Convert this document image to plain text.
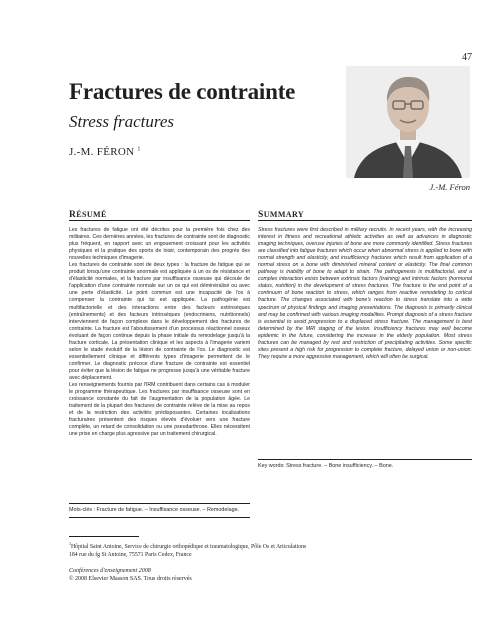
47
Fractures de contrainte
Stress fractures
J.-M. FÉRON $^1$
J.-M. Féron
RÉSUMÉ	SUMMARY

Les fractures de fatigue ont été décrites pour la première fois chez des militaires. Ces dernières années, les fractures de contrainte sont de diagnostic plus fréquent, en rapport avec un engouement croissant pour les activités physiques et la pratique des sports de loisir, contemporain des progrès des nouvelles techniques d'imagerie.

Les fractures de contrainte sont de deux types : la fracture de fatigue qui se produit lorsqu'une contrainte anormale est appliquée à un os de résistance et d'élasticité normales, et la fracture par insuffisance osseuse qui découle de l'application d'une contrainte normale sur un os qui est déminéralisé ou avec une perte d'élasticité. Le point commun est une incapacité de l'os à compenser la contrainte qui lui est appliquée. La pathogénie est multifactorielle et des interactions entre des facteurs extrinsèques (entraînements) et des facteurs intrinsèques (endocriniens, nutritionnels) interviennent de façon complexe dans le développement des fractures de contrainte. La fracture est l'aboutissement d'un processus réactionnel osseux évoluant de façon continue depuis la phase initiale du remodelage jusqu'à la fracture corticale. La présentation clinique et les aspects à l'imagerie varient selon le stade évolutif de la lésion de contrainte de l'os. Le diagnostic est essentiellement clinique et différents types d'imagerie permettent de le confirmer. Le diagnostic précoce d'une fracture de contrainte est essentiel pour éviter que la lésion de fatigue ne progresse jusqu'à une véritable fracture avec déplacement.

Les renseignements fournis par l'IRM contribuent dans certains cas à moduler le programme thérapeutique. Les fractures par insuffisance osseuse sont en croissance constante du fait de l'augmentation de la population âgée. Le traitement de la plupart des fractures de contrainte relève de la mise au repos et de la restriction des activités prédisposantes. Certaines localisations fracturaires présentent des risques élevés d'évoluer vers une fracture complète, un retard de consolidation ou une pseudarthrose. Elles nécessitent une prise en charge plus agressive par un traitement chirurgical.

Stress fractures were first described in military recruits. In recent years, with the increasing interest in fitness and recreational athletic activities as well as advances in diagnostic imaging techniques, overuse injuries of bone are more commonly identified. Stress fractures are classified into fatigue fractures which occur when abnormal stress is applied to bone with normal strength and elasticity, and insufficiency fractures which result from application of a normal stress on a bone with diminished mineral content or elasticity. The final common pathway is inability of bone to adapt to strain. The pathogenesis is multifactorial, and a complex interaction exists between extrinsic factors (training) and intrinsic factors (hormonal status, nutrition) in the development of stress fractures. The fracture is the end point of a continuum of bone reaction to stress, which ranges from reactive remodeling to cortical fracture. The changes associated with bone's reaction to stress translate into a wide spectrum of physical findings and imaging presentations. The diagnosis is primarily clinical and may be confirmed with various imaging modalities. Prompt diagnosis of a stress fracture is essential to avoid progression to a displaced stress fracture. The management is best determined by the MRI staging of the lesion. Insufficiency fractures may well become epidemic in the future, considering the increase in the elderly population. Most stress fractures can be managed by rest and restriction of precipitating activities. Some specific sites present a high risk for progression to complete fracture, delayed union or non-union. They require a more aggressive management, which will often be surgical.

Key words: Stress fracture. – Bone insufficiency. – Bone.
Mots-clés : Fracture de fatigue. – Insuffisance osseuse. – Remodelage.
$^1$Hôpital Saint Antoine, Service de chirurgie orthopédique et traumatologique, Pôle Os et Articulations
184 rue du fg St Antoine, 75571 Paris Cedex, France
Conférences d'enseignement 2008
© 2008 Elsevier Masson SAS. Tous droits réservés
